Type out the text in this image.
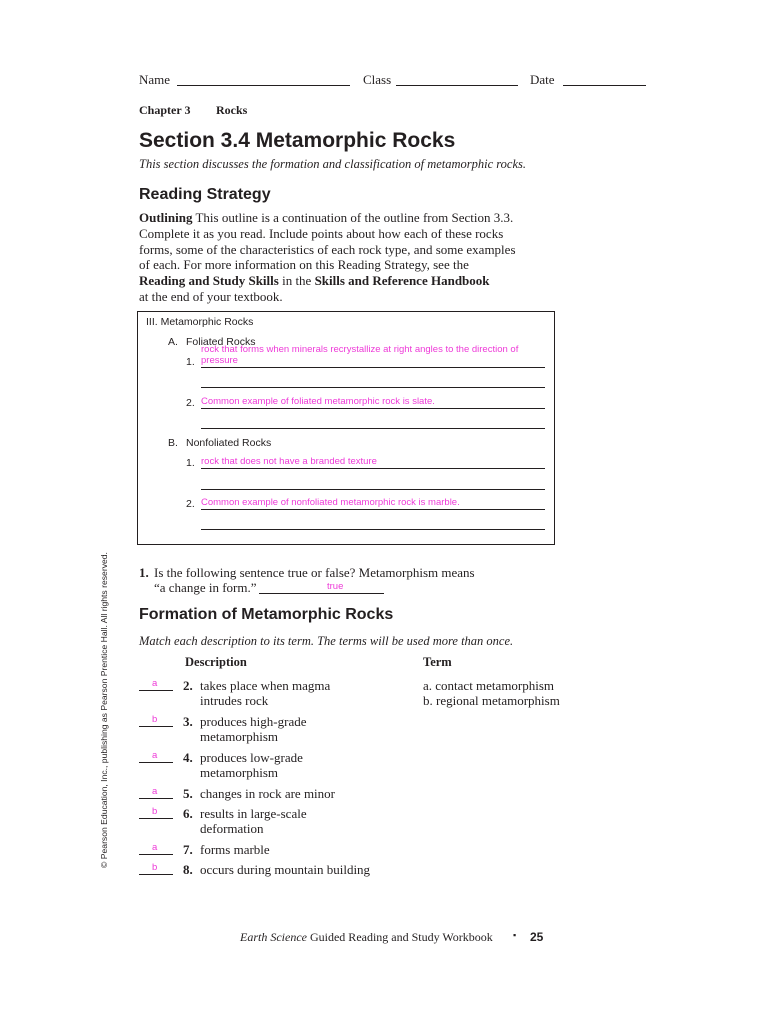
Name	Class	Date
Chapter 3 Rocks
Section 3.4 Metamorphic Rocks
This section discusses the formation and classification of metamorphic rocks.
Reading Strategy
Outlining This outline is a continuation of the outline from Section 3.3.
Complete it as you read. Include points about how each of these rocks
forms, some of the characteristics of each rock type, and some examples
of each. For more information on this Reading Strategy, see the
Reading and Study Skills in the Skills and Reference Handbook
at the end of your textbook.
III. Metamorphic Rocks
A. Foliated Rocks
1.
rock that forms when minerals recrystallize at right angles to the direction of pressure
2. Common example of foliated metamorphic rock is slate.
B. Nonfoliated Rocks
1. rock that does not have a branded texture
2. Common example of nonfoliated metamorphic rock is marble.
1. Is the following sentence true or false? Metamorphism means
“a change in form.”	true
Formation of Metamorphic Rocks
Match each description to its term. The terms will be used more than once.
Description	Term
a. contact metamorphism
b. regional metamorphism
a 2. takes place when magma
intrudes rock
b 3. produces high-grade
metamorphism
a 4. produces low-grade
metamorphism
a 5. changes in rock are minor
b 6. results in large-scale
deformation
a 7. forms marble
b 8. occurs during mountain building
© Pearson Education, Inc., publishing as Pearson Prentice Hall. All rights reserved.
Earth Science Guided Reading and Study Workbook ▪ 25
